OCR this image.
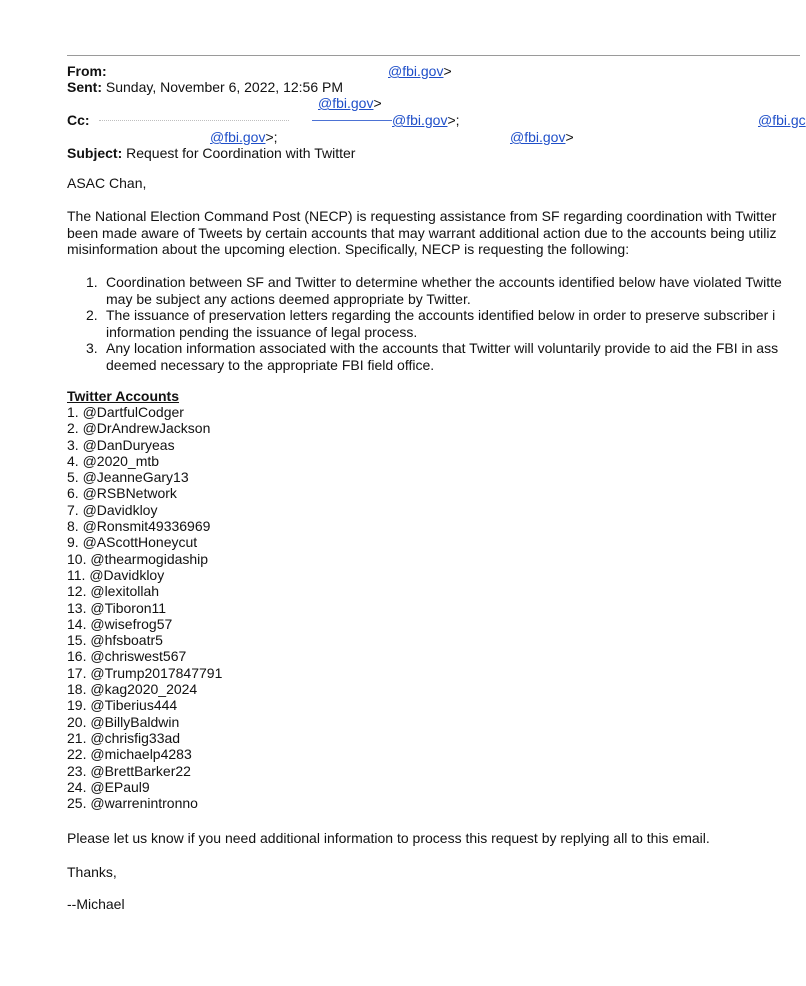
From:	@fbi.gov>
Sent: Sunday, November 6, 2022, 12:56 PM
@fbi.gov>
Cc:	@fbi.gov>;	@fbi.gc
@fbi.gov>;	@fbi.gov>
Subject: Request for Coordination with Twitter
ASAC Chan,
The National Election Command Post (NECP) is requesting assistance from SF regarding coordination with Twitter
been made aware of Tweets by certain accounts that may warrant additional action due to the accounts being utiliz
misinformation about the upcoming election. Specifically, NECP is requesting the following:
1. Coordination between SF and Twitter to determine whether the accounts identified below have violated Twitte
may be subject any actions deemed appropriate by Twitter.
2. The issuance of preservation letters regarding the accounts identified below in order to preserve subscriber i
information pending the issuance of legal process.
3. Any location information associated with the accounts that Twitter will voluntarily provide to aid the FBI in ass
deemed necessary to the appropriate FBI field office.
Twitter Accounts
1. @DartfulCodger
2. @DrAndrewJackson
3. @DanDuryeas
4. @2020_mtb
5. @JeanneGary13
6. @RSBNetwork
7. @Davidkloy
8. @Ronsmit49336969
9. @AScottHoneycut
10. @thearmogidaship
11. @Davidkloy
12. @lexitollah
13. @Tiboron11
14. @wisefrog57
15. @hfsboatr5
16. @chriswest567
17. @Trump2017847791
18. @kag2020_2024
19. @Tiberius444
20. @BillyBaldwin
21. @chrisfig33ad
22. @michaelp4283
23. @BrettBarker22
24. @EPaul9
25. @warrenintronno
Please let us know if you need additional information to process this request by replying all to this email.
Thanks,
--Michael
